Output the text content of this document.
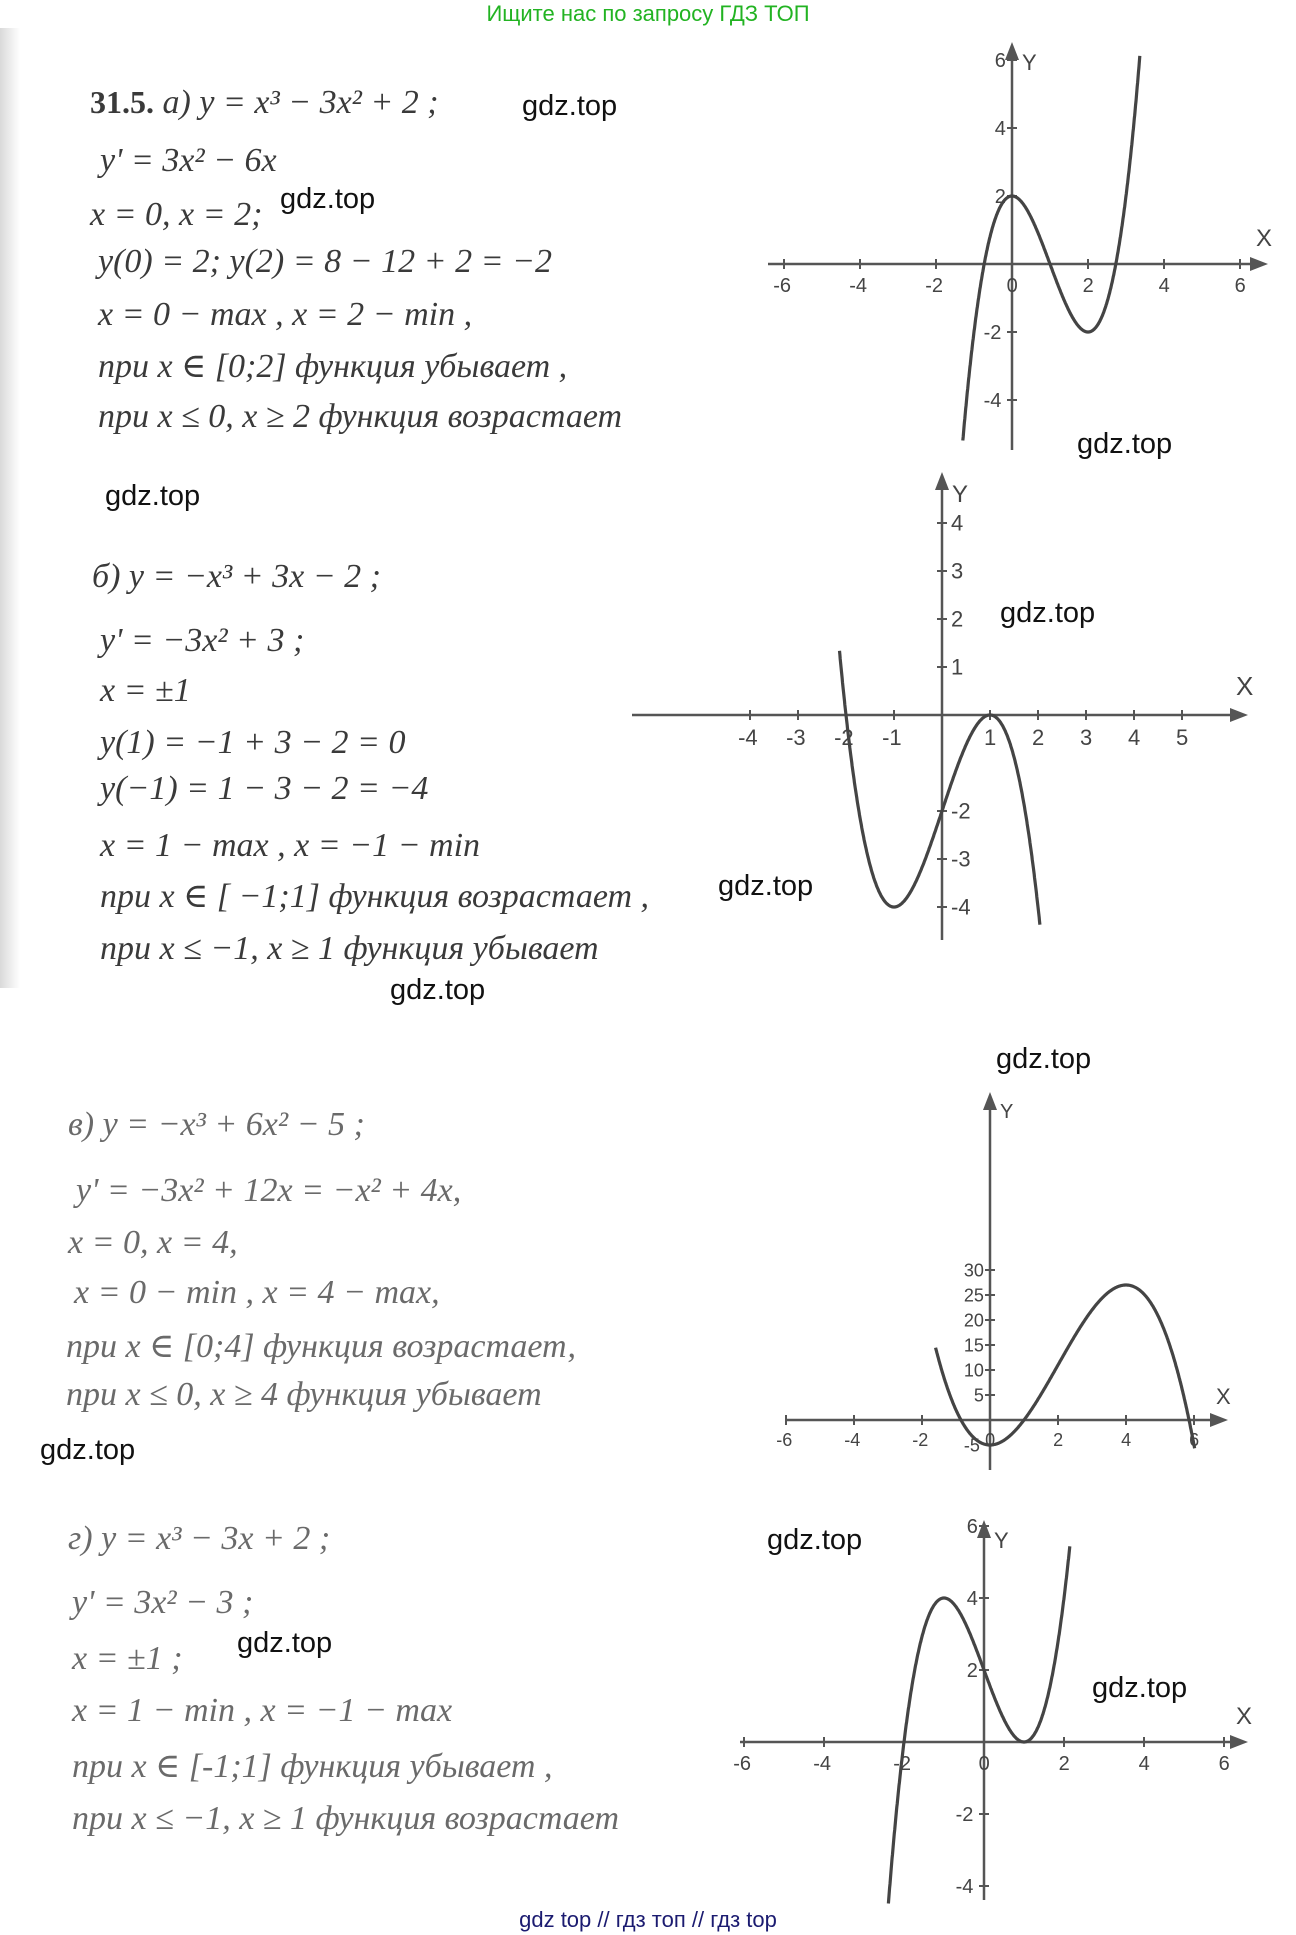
Ищите нас по запросу ГДЗ ТОП
31.5. а) y = x³ − 3x² + 2 ;
y' = 3x² − 6x
x = 0, x = 2;
y(0) = 2; y(2) = 8 − 12 + 2 = −2
x = 0 − max , x = 2 − min ,
при x ∈ [0;2] функция убывает ,
при x ≤ 0, x ≥ 2 функция возрастает
б) y = −x³ + 3x − 2 ;
y' = −3x² + 3 ;
x = ±1
y(1) = −1 + 3 − 2 = 0
y(−1) = 1 − 3 − 2 = −4
x = 1 − max , x = −1 − min
при x ∈ [ −1;1] функция возрастает ,
при x ≤ −1, x ≥ 1 функция убывает
в) y = −x³ + 6x² − 5 ;
y' = −3x² + 12x = −x² + 4x,
x = 0, x = 4,
x = 0 − min , x = 4 − max,
при x ∈ [0;4] функция возрастает,
при x ≤ 0, x ≥ 4 функция убывает
г) y = x³ − 3x + 2 ;
y' = 3x² − 3 ;
x = ±1 ;
x = 1 − min , x = −1 − max
при x ∈ [-1;1] функция убывает ,
при x ≤ −1, x ≥ 1 функция возрастает
gdz.top
gdz.top
gdz.top
gdz.top
gdz.top
gdz.top
gdz.top
gdz.top
gdz.top
gdz.top
gdz.top
gdz.top
X
Y
-6	-4	-2	0	2	4	6
6
4
2
-2
-4
X
Y
-4 -3 -2 -1	1 2 3 4 5
4
3
2
1
-2
-3
-4
X
Y
-6	-4	-2	0	2	4	6
30
25
20
15
10
5
-5
X
Y
-6	-4	-2	0	2	4	6
6
4
2
-2
-4
gdz top // гдз топ // гдз top
